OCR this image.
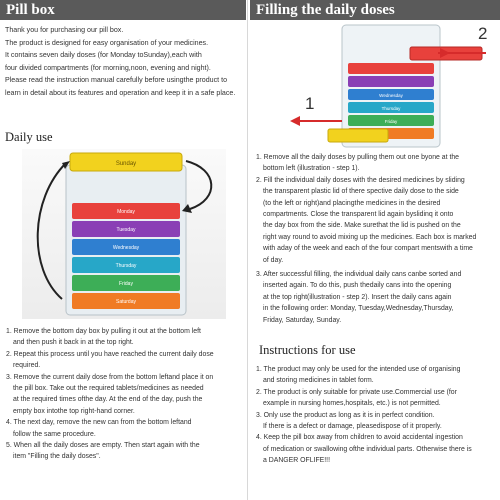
Pill box

Thank you for purchasing our pill box.

The product is designed for easy organisation of your medicines.

It contains seven daily doses (for Monday toSunday),each with

four divided compartments (for morning,noon, evening and night).

Please read the instruction manual carefully before usingthe product to

learn in detail about its features and operation and keep it in a safe place.

Daily use
Sunday
Monday
Tuesday
Wednesday
Thursday
Friday
Saturday
1. Remove the bottom day box by pulling it out at the bottom left
and then push it back in at the top right.
2. Repeat this process until you have reached the current daily dose
required.
3. Remove the current daily dose from the bottom leftand place it on
the pill box. Take out the required tablets/medicines as needed
at the required times ofthe day. At the end of the day, push the
empty box intothe top right-hand corner.
4. The next day, remove the new can from the bottom leftand
follow the same procedure.
5. When all the daily doses are empty. Then start again with the
item "Filling the daily doses".
Filling the daily doses
Wednesday
Thursday
Friday
1
2
1. Remove all the daily doses by pulling them out one byone at the
bottom left (illustration - step 1).
2. Fill the individual daily doses with the desired medicines by sliding
the transparent plastic lid of there spective daily dose to the side
(to the left or right)and placingthe medicines in the desired
compartments. Close the transparent lid again byslidinq it onto
the day box from the side. Make surethat the lid is pushed on the
right way round to avoid mixing up the medicines. Each box is marked
with aday of the week and each of the four compart mentswith a time
of day.
3. After successful filling, the individual daily cans canbe sorted and
inserted again. To do this, push thedaily cans into the opening
at the top right(illustration - step 2). Insert the daily cans again
in the following order: Monday, Tuesday,Wednesday,Thursday,
Friday, Saturday, Sunday.
Instructions for use
1. The product may only be used for the intended use of organising
and storing medicines in tablet form.
2. The product is only suitable for private use.Commercial use (for
example in nursing homes,hospitals, etc.) is not permitted.
3. Only use the product as long as it is in perfect condition.
If there is a defect or damage, pleasedispose of it properly.
4. Keep the pill box away from children to avoid accidental ingestion
of medication or swallowing ofthe individual parts. Otherwise there is
a DANGER OFLIFE!!!
